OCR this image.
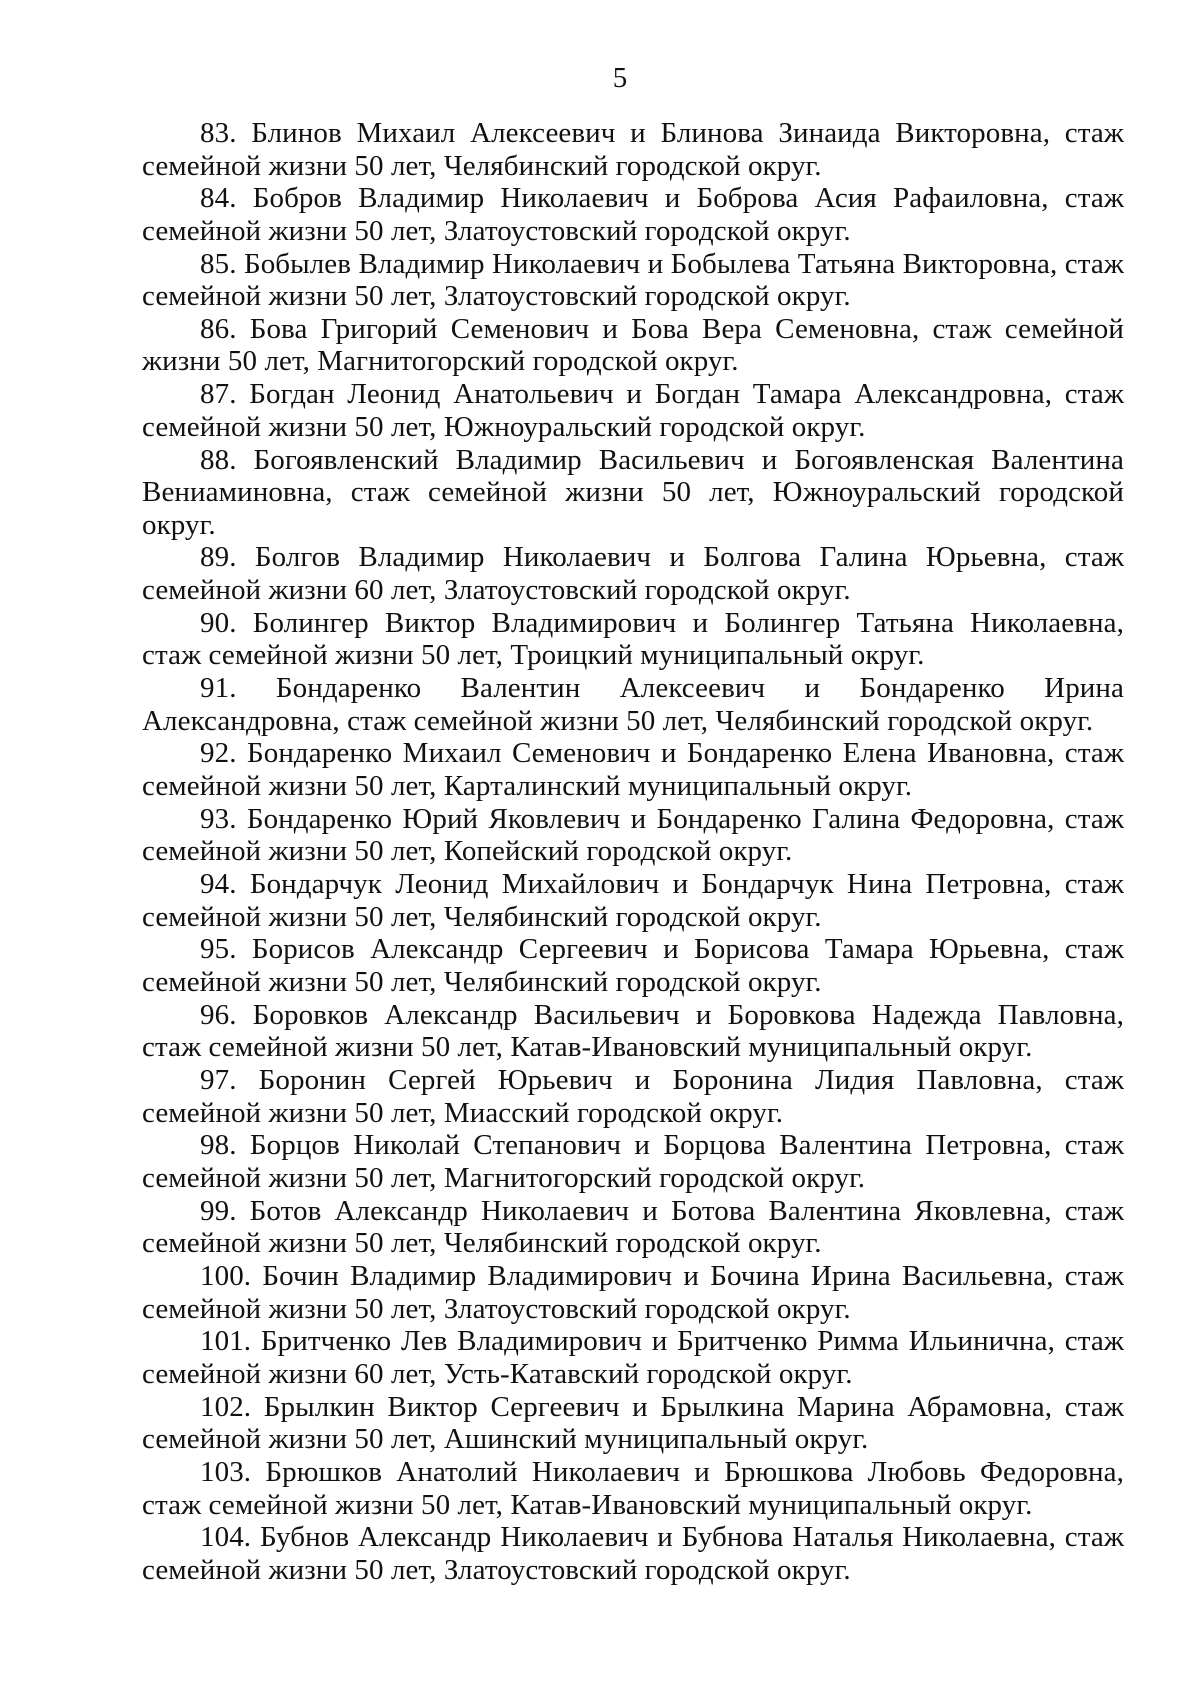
5
83. Блинов Михаил Алексеевич и Блинова Зинаида Викторовна, стаж семейной жизни 50 лет, Челябинский городской округ.
84. Бобров Владимир Николаевич и Боброва Асия Рафаиловна, стаж семейной жизни 50 лет, Златоустовский городской округ.
85. Бобылев Владимир Николаевич и Бобылева Татьяна Викторовна, стаж семейной жизни 50 лет, Златоустовский городской округ.
86. Бова Григорий Семенович и Бова Вера Семеновна, стаж семейной жизни 50 лет, Магнитогорский городской округ.
87. Богдан Леонид Анатольевич и Богдан Тамара Александровна, стаж семейной жизни 50 лет, Южноуральский городской округ.
88. Богоявленский Владимир Васильевич и Богоявленская Валентина Вениаминовна, стаж семейной жизни 50 лет, Южноуральский городской округ.
89. Болгов Владимир Николаевич и Болгова Галина Юрьевна, стаж семейной жизни 60 лет, Златоустовский городской округ.
90. Болингер Виктор Владимирович и Болингер Татьяна Николаевна, стаж семейной жизни 50 лет, Троицкий муниципальный округ.
91. Бондаренко Валентин Алексеевич и Бондаренко Ирина Александровна, стаж семейной жизни 50 лет, Челябинский городской округ.
92. Бондаренко Михаил Семенович и Бондаренко Елена Ивановна, стаж семейной жизни 50 лет, Карталинский муниципальный округ.
93. Бондаренко Юрий Яковлевич и Бондаренко Галина Федоровна, стаж семейной жизни 50 лет, Копейский городской округ.
94. Бондарчук Леонид Михайлович и Бондарчук Нина Петровна, стаж семейной жизни 50 лет, Челябинский городской округ.
95. Борисов Александр Сергеевич и Борисова Тамара Юрьевна, стаж семейной жизни 50 лет, Челябинский городской округ.
96. Боровков Александр Васильевич и Боровкова Надежда Павловна, стаж семейной жизни 50 лет, Катав-Ивановский муниципальный округ.
97. Боронин Сергей Юрьевич и Боронина Лидия Павловна, стаж семейной жизни 50 лет, Миасский городской округ.
98. Борцов Николай Степанович и Борцова Валентина Петровна, стаж семейной жизни 50 лет, Магнитогорский городской округ.
99. Ботов Александр Николаевич и Ботова Валентина Яковлевна, стаж семейной жизни 50 лет, Челябинский городской округ.
100. Бочин Владимир Владимирович и Бочина Ирина Васильевна, стаж семейной жизни 50 лет, Златоустовский городской округ.
101. Бритченко Лев Владимирович и Бритченко Римма Ильинична, стаж семейной жизни 60 лет, Усть-Катавский городской округ.
102. Брылкин Виктор Сергеевич и Брылкина Марина Абрамовна, стаж семейной жизни 50 лет, Ашинский муниципальный округ.
103. Брюшков Анатолий Николаевич и Брюшкова Любовь Федоровна, стаж семейной жизни 50 лет, Катав-Ивановский муниципальный округ.
104. Бубнов Александр Николаевич и Бубнова Наталья Николаевна, стаж семейной жизни 50 лет, Златоустовский городской округ.
